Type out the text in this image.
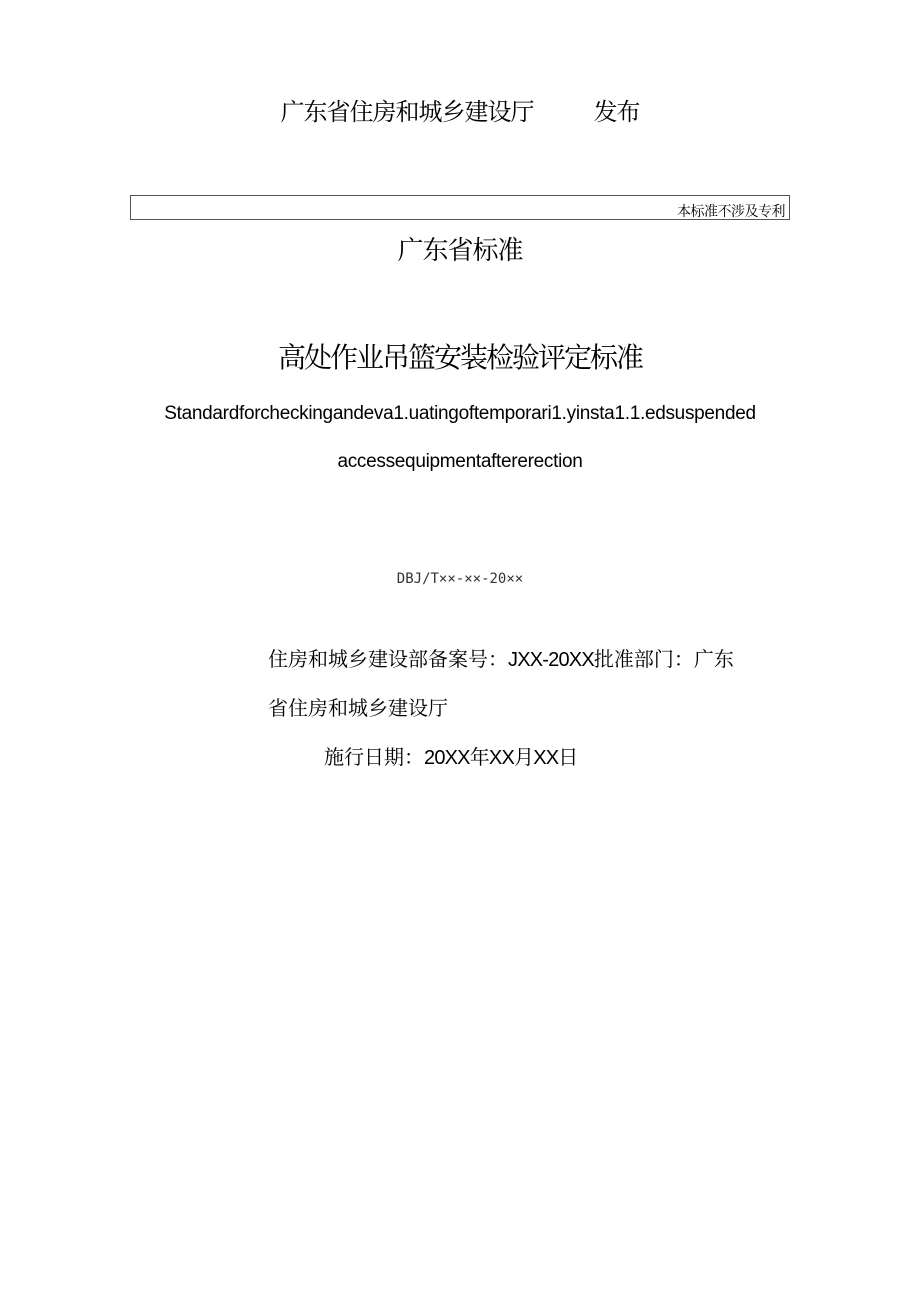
广东省住房和城乡建设厅	发布
本标准不涉及专利
广东省标准
高处作业吊篮安装检验评定标准
Standardforcheckingandeva1.uatingoftemporari1.yinsta1.1.edsuspended
accessequipmentaftererection
DBJ/T××-××-20××
住房和城乡建设部备案号：JXX-20XX批准部门：广东
省住房和城乡建设厅
施行日期：20XX年XX月XX日
